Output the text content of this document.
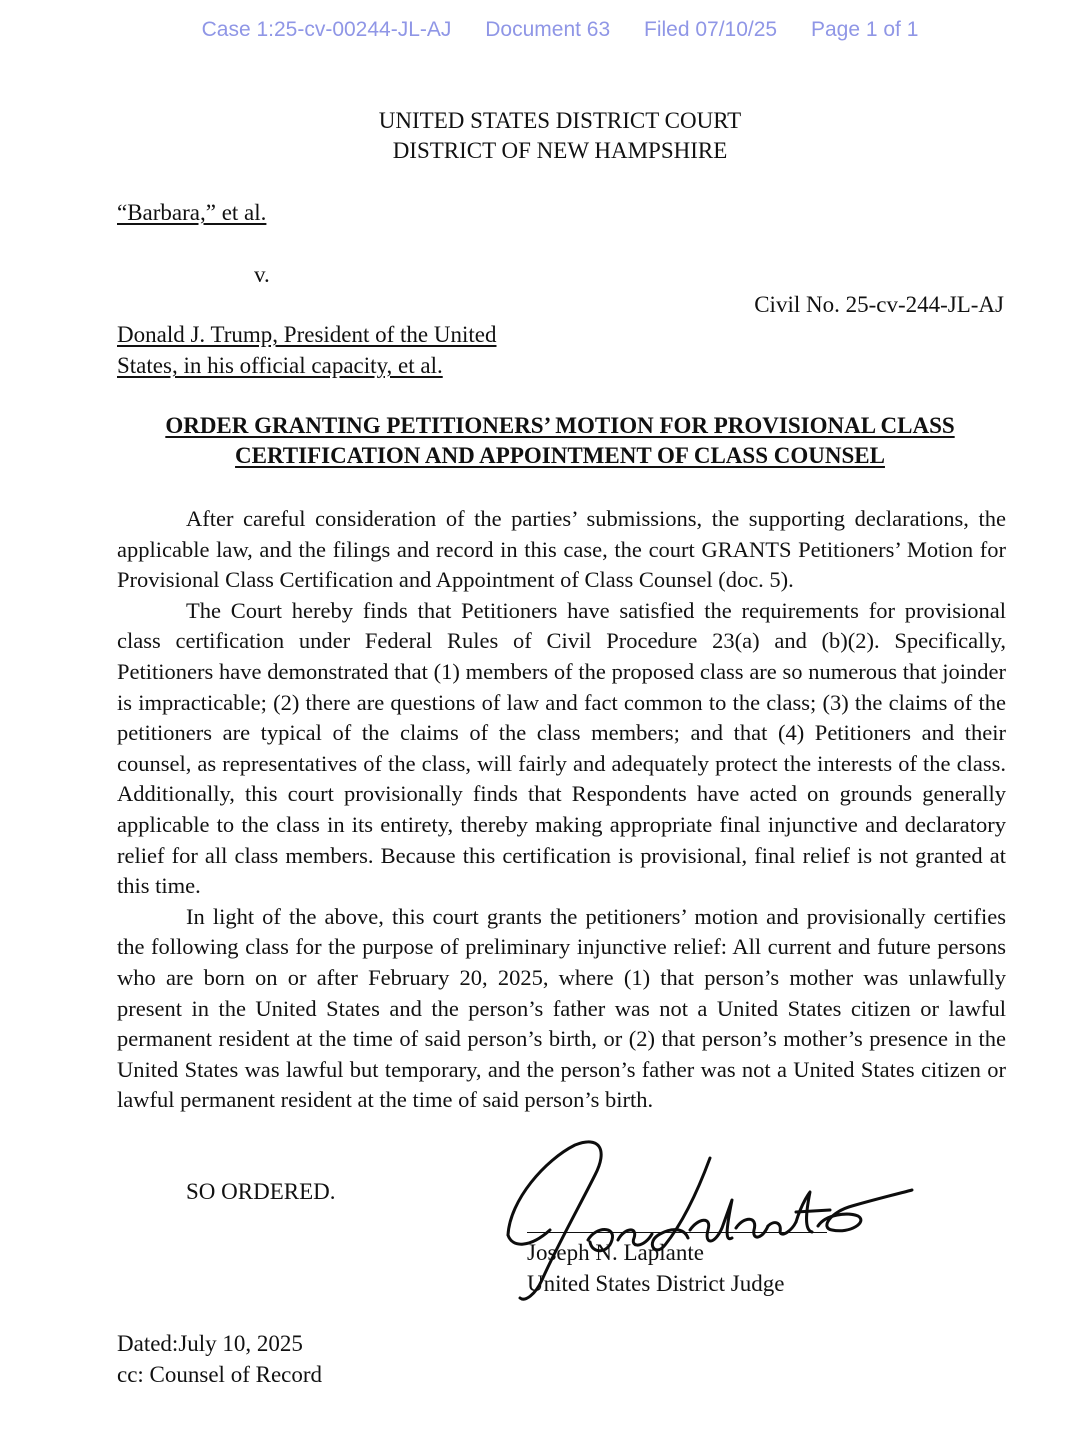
Case 1:25-cv-00244-JL-AJ Document 63 Filed 07/10/25 Page 1 of 1
UNITED STATES DISTRICT COURT
DISTRICT OF NEW HAMPSHIRE
“Barbara,” et al.
v.
Civil No. 25-cv-244-JL-AJ
Donald J. Trump, President of the United
States, in his official capacity, et al.
ORDER GRANTING PETITIONERS’ MOTION FOR PROVISIONAL CLASS
CERTIFICATION AND APPOINTMENT OF CLASS COUNSEL

After careful consideration of the parties’ submissions, the supporting declarations, the applicable law, and the filings and record in this case, the court GRANTS Petitioners’ Motion for Provisional Class Certification and Appointment of Class Counsel (doc. 5).

The Court hereby finds that Petitioners have satisfied the requirements for provisional class certification under Federal Rules of Civil Procedure 23(a) and (b)(2). Specifically, Petitioners have demonstrated that (1) members of the proposed class are so numerous that joinder is impracticable; (2) there are questions of law and fact common to the class; (3) the claims of the petitioners are typical of the claims of the class members; and that (4) Petitioners and their counsel, as representatives of the class, will fairly and adequately protect the interests of the class. Additionally, this court provisionally finds that Respondents have acted on grounds generally applicable to the class in its entirety, thereby making appropriate final injunctive and declaratory relief for all class members. Because this certification is provisional, final relief is not granted at this time.

In light of the above, this court grants the petitioners’ motion and provisionally certifies the following class for the purpose of preliminary injunctive relief: All current and future persons who are born on or after February 20, 2025, where (1) that person’s mother was unlawfully present in the United States and the person’s father was not a United States citizen or lawful permanent resident at the time of said person’s birth, or (2) that person’s mother’s presence in the United States was lawful but temporary, and the person’s father was not a United States citizen or lawful permanent resident at the time of said person’s birth.

SO ORDERED.
Joseph N. Laplante
United States District Judge
Dated:July 10, 2025
cc: Counsel of Record
